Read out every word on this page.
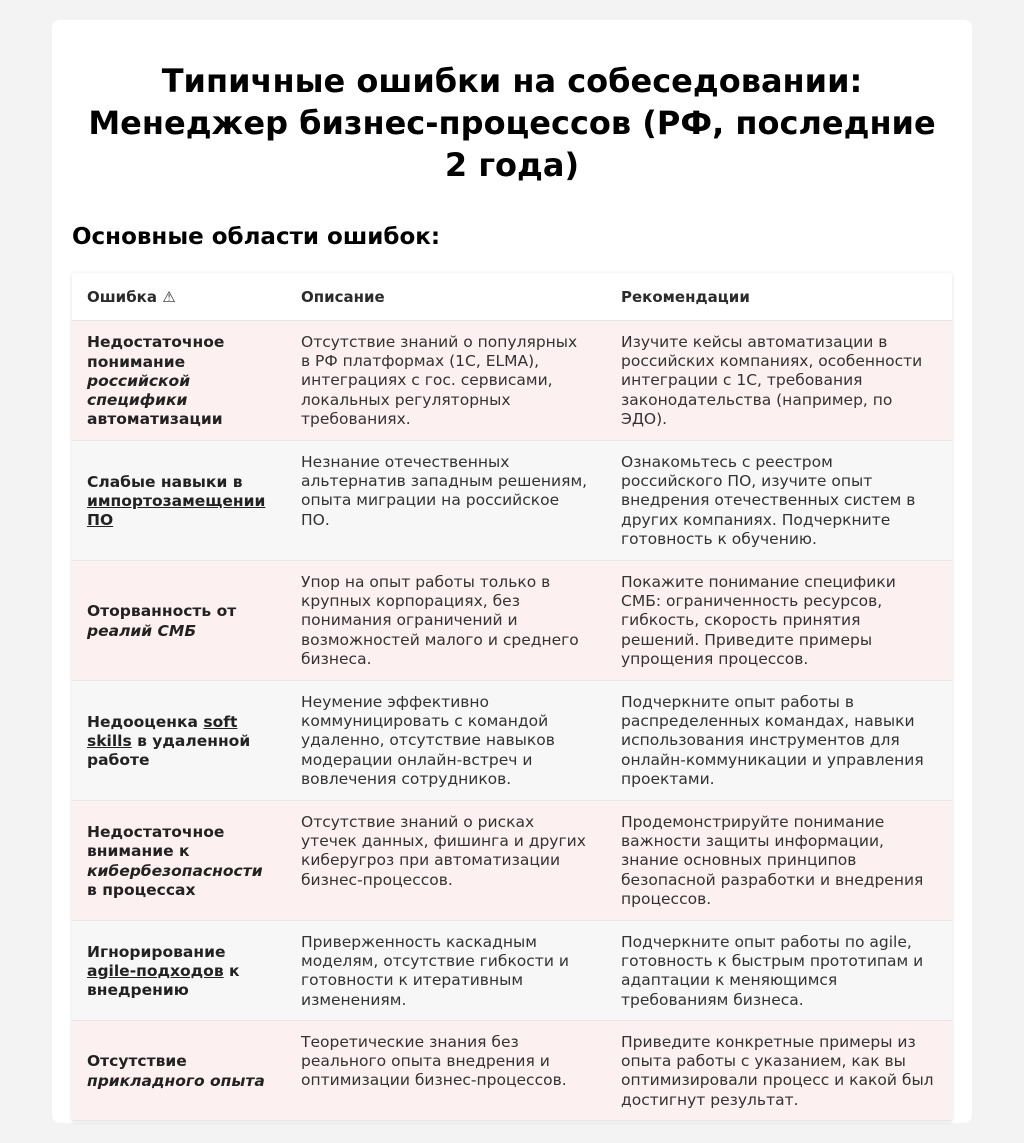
Типичные ошибки на собеседовании: Менеджер бизнес-процессов (РФ, последние 2 года)
Основные области ошибок:
Ошибка ⚠	Описание	Рекомендации
Недостаточное понимание российской специфики автоматизации	Отсутствие знаний о популярных в РФ платформах (1С, ELMA), интеграциях с гос. сервисами, локальных регуляторных требованиях.	Изучите кейсы автоматизации в российских компаниях, особенности интеграции с 1С, требования законодательства (например, по ЭДО).
Слабые навыки в импортозамещении ПО	Незнание отечественных альтернатив западным решениям, опыта миграции на российское ПО.	Ознакомьтесь с реестром российского ПО, изучите опыт внедрения отечественных систем в других компаниях. Подчеркните готовность к обучению.
Оторванность от реалий СМБ	Упор на опыт работы только в крупных корпорациях, без понимания ограничений и возможностей малого и среднего бизнеса.	Покажите понимание специфики СМБ: ограниченность ресурсов, гибкость, скорость принятия решений. Приведите примеры упрощения процессов.
Недооценка soft skills в удаленной работе	Неумение эффективно коммуницировать с командой удаленно, отсутствие навыков модерации онлайн-встреч и вовлечения сотрудников.	Подчеркните опыт работы в распределенных командах, навыки использования инструментов для онлайн-коммуникации и управления проектами.
Недостаточное внимание к кибербезопасности в процессах	Отсутствие знаний о рисках утечек данных, фишинга и других киберугроз при автоматизации бизнес-процессов.	Продемонстрируйте понимание важности защиты информации, знание основных принципов безопасной разработки и внедрения процессов.
Игнорирование agile-подходов к внедрению	Приверженность каскадным моделям, отсутствие гибкости и готовности к итеративным изменениям.	Подчеркните опыт работы по agile, готовность к быстрым прототипам и адаптации к меняющимся требованиям бизнеса.
Отсутствие прикладного опыта	Теоретические знания без реального опыта внедрения и оптимизации бизнес-процессов.	Приведите конкретные примеры из опыта работы с указанием, как вы оптимизировали процесс и какой был достигнут результат.
